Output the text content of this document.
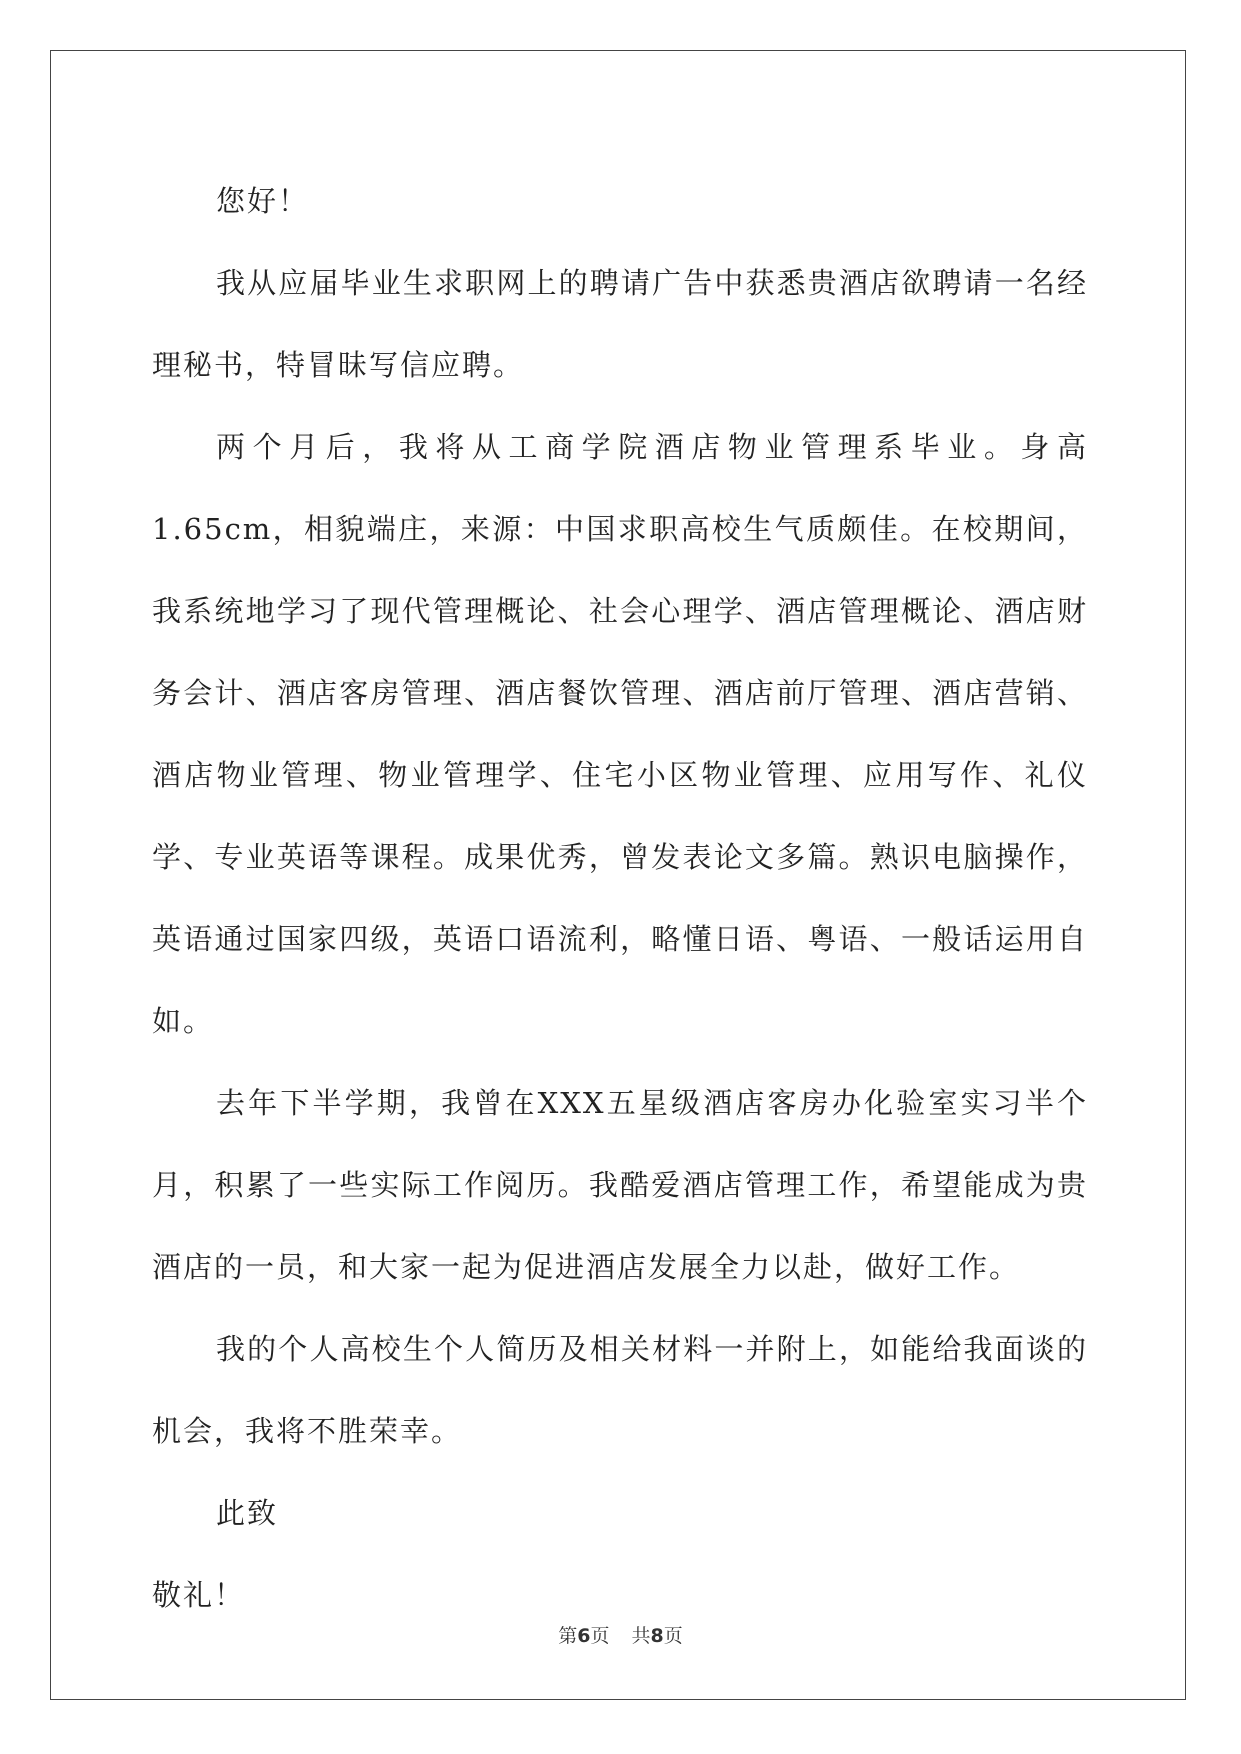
您好！

我从应届毕业生求职网上的聘请广告中获悉贵酒店欲聘请一名经理秘书，特冒昧写信应聘。

两个月后，我将从工商学院酒店物业管理系毕业。身高1.65cm，相貌端庄，来源：中国求职高校生气质颇佳。在校期间，我系统地学习了现代管理概论、社会心理学、酒店管理概论、酒店财务会计、酒店客房管理、酒店餐饮管理、酒店前厅管理、酒店营销、酒店物业管理、物业管理学、住宅小区物业管理、应用写作、礼仪学、专业英语等课程。成果优秀，曾发表论文多篇。熟识电脑操作，英语通过国家四级，英语口语流利，略懂日语、粤语、一般话运用自如。

去年下半学期，我曾在XXX五星级酒店客房办化验室实习半个月，积累了一些实际工作阅历。我酷爱酒店管理工作，希望能成为贵酒店的一员，和大家一起为促进酒店发展全力以赴，做好工作。

我的个人高校生个人简历及相关材料一并附上，如能给我面谈的机会，我将不胜荣幸。

此致

敬礼！

第6页 共8页
